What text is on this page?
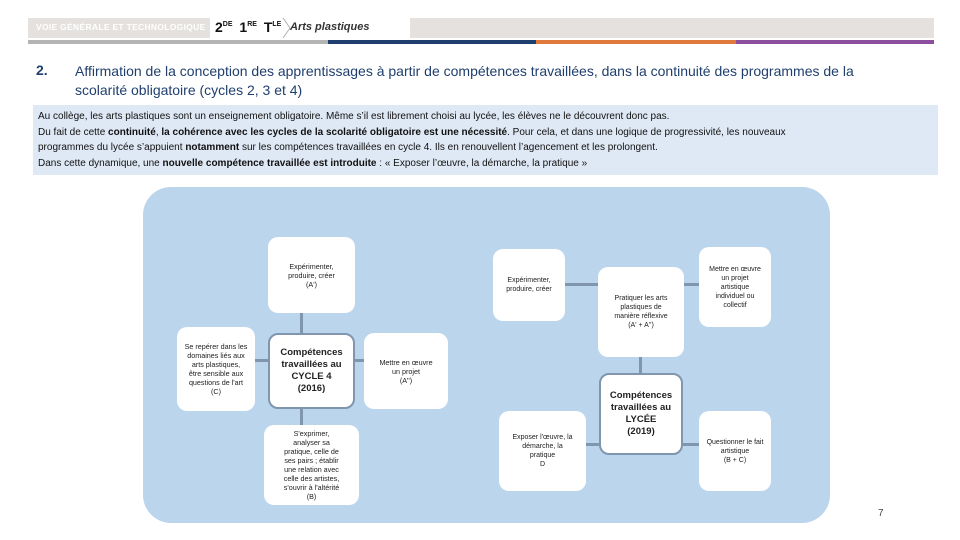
VOIE GÉNÉRALE ET TECHNOLOGIQUE 2DE 1RE $T^{LE}$ Arts plastiques
2. Affirmation de la conception des apprentissages à partir de compétences travaillées, dans la continuité des programmes de la scolarité obligatoire (cycles 2, 3 et 4)
Au collège, les arts plastiques sont un enseignement obligatoire. Même s’il est librement choisi au lycée, les élèves ne le découvrent donc pas.
Du fait de cette continuité, la cohérence avec les cycles de la scolarité obligatoire est une nécessité. Pour cela, et dans une logique de progressivité, les nouveaux
programmes du lycée s’appuient notamment sur les compétences travaillées en cycle 4. Ils en renouvellent l’agencement et les prolongent.
Dans cette dynamique, une nouvelle compétence travaillée est introduite : « Exposer l’œuvre, la démarche, la pratique »
Expérimenter,
produire, créer
(A')
Se repérer dans les
domaines liés aux
arts plastiques,
être sensible aux
questions de l'art
(C)
Compétences
travaillées au
CYCLE 4
(2016)
Mettre en œuvre
un projet
(A'')
S'exprimer,
analyser sa
pratique, celle de
ses pairs ; établir
une relation avec
celle des artistes,
s'ouvrir à l'altérité
(B)
Expérimenter,
produire, créer
Pratiquer les arts
plastiques de
manière réflexive
(A' + A'')
Mettre en œuvre
un projet
artistique
individuel ou
collectif
Compétences
travaillées au
LYCÉE
(2019)
Exposer l'œuvre, la
démarche, la
pratique
D
Questionner le fait
artistique
(B + C)
7
